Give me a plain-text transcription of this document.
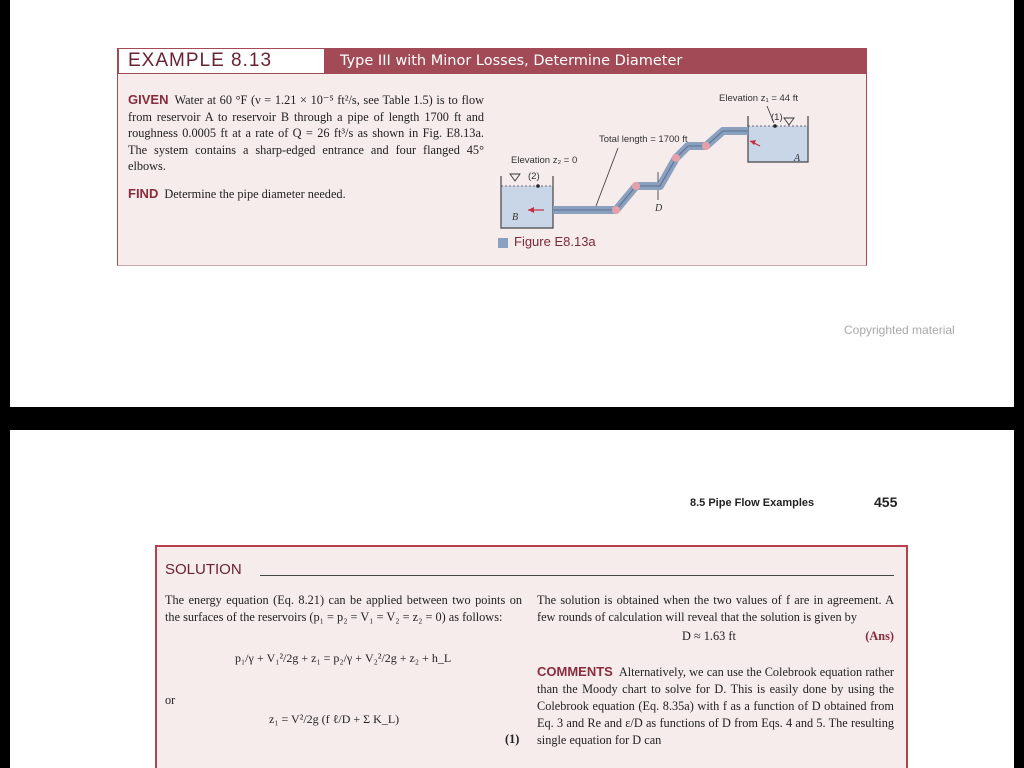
EXAMPLE 8.13	Type III with Minor Losses, Determine Diameter
GIVEN Water at 60 °F (ν = 1.21 × 10⁻⁵ ft²/s, see Table 1.5) is to flow from reservoir A to reservoir B through a pipe of length 1700 ft and roughness 0.0005 ft at a rate of Q = 26 ft³/s as shown in Fig. E8.13a. The system contains a sharp-edged entrance and four flanged 45° elbows.
FIND Determine the pipe diameter needed.
Elevation z₁ = 44 ft
(1)
Total length = 1700 ft
Elevation z₂ = 0
(2)
A
B
D
Figure E8.13a
Copyrighted material
8.5 Pipe Flow Examples	455
SOLUTION
The energy equation (Eq. 8.21) can be applied between two points on the surfaces of the reservoirs (p₁ = p₂ = V₁ = V₂ = z₂ = 0) as follows:
p₁/γ + V₁²/2g + z₁ = p₂/γ + V₂²/2g + z₂ + h_L
or
z₁ = V²/2g (f ℓ/D + Σ K_L)
(1)
The solution is obtained when the two values of f are in agreement. A few rounds of calculation will reveal that the solution is given by
D ≈ 1.63 ft	(Ans)
COMMENTS Alternatively, we can use the Colebrook equation rather than the Moody chart to solve for D. This is easily done by using the Colebrook equation (Eq. 8.35a) with f as a function of D obtained from Eq. 3 and Re and ε/D as functions of D from Eqs. 4 and 5. The resulting single equation for D can
